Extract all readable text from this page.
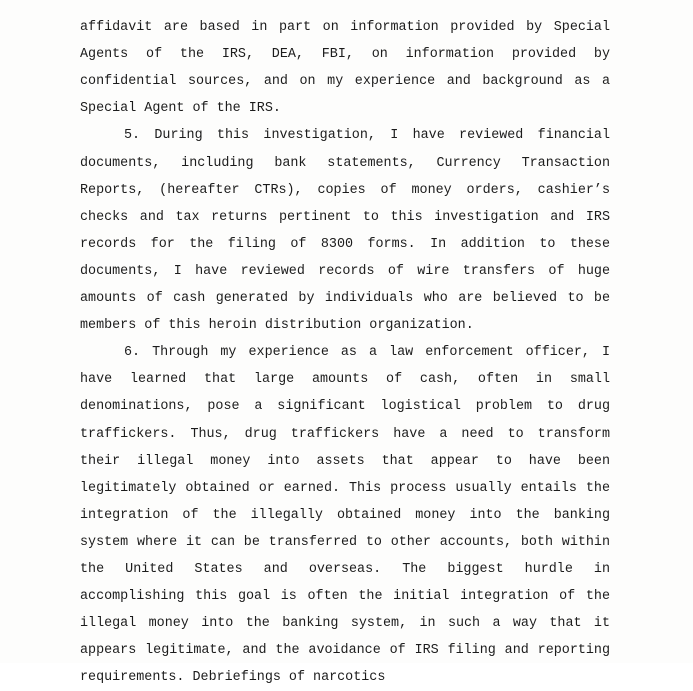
affidavit are based in part on information provided by Special Agents of the IRS, DEA, FBI, on information provided by confidential sources, and on my experience and background as a Special Agent of the IRS.

5. During this investigation, I have reviewed financial documents, including bank statements, Currency Transaction Reports, (hereafter CTRs), copies of money orders, cashier’s checks and tax returns pertinent to this investigation and IRS records for the filing of 8300 forms. In addition to these documents, I have reviewed records of wire transfers of huge amounts of cash generated by individuals who are believed to be members of this heroin distribution organization.

6. Through my experience as a law enforcement officer, I have learned that large amounts of cash, often in small denominations, pose a significant logistical problem to drug traffickers. Thus, drug traffickers have a need to transform their illegal money into assets that appear to have been legitimately obtained or earned. This process usually entails the integration of the illegally obtained money into the banking system where it can be transferred to other accounts, both within the United States and overseas. The biggest hurdle in accomplishing this goal is often the initial integration of the illegal money into the banking system, in such a way that it appears legitimate, and the avoidance of IRS filing and reporting requirements. Debriefings of narcotics
